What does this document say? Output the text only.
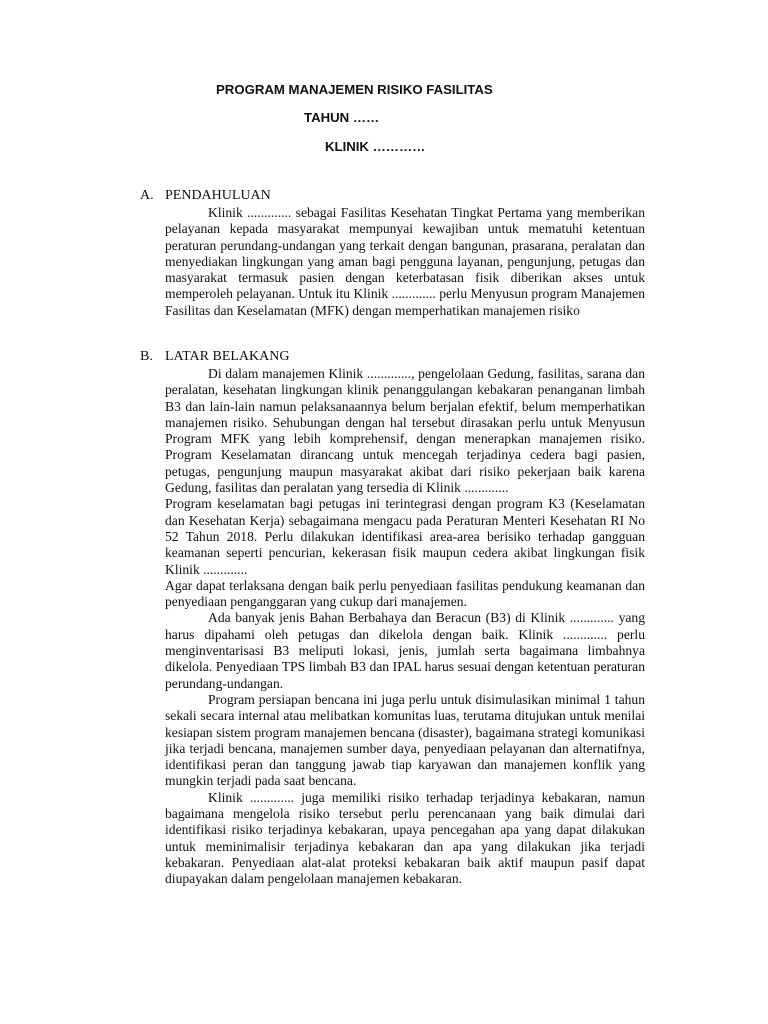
PROGRAM MANAJEMEN RISIKO FASILITAS
TAHUN ……
KLINIK …………
A. PENDAHULUAN

Klinik ............. sebagai Fasilitas Kesehatan Tingkat Pertama yang memberikan pelayanan kepada masyarakat mempunyai kewajiban untuk mematuhi ketentuan peraturan perundang-undangan yang terkait dengan bangunan, prasarana, peralatan dan menyediakan lingkungan yang aman bagi pengguna layanan, pengunjung, petugas dan masyarakat termasuk pasien dengan keterbatasan fisik diberikan akses untuk memperoleh pelayanan. Untuk itu Klinik ............. perlu Menyusun program Manajemen Fasilitas dan Keselamatan (MFK) dengan memperhatikan manajemen risiko

B. LATAR BELAKANG

Di dalam manajemen Klinik ............., pengelolaan Gedung, fasilitas, sarana dan peralatan, kesehatan lingkungan klinik penanggulangan kebakaran penanganan limbah B3 dan lain-lain namun pelaksanaannya belum berjalan efektif, belum memperhatikan manajemen risiko. Sehubungan dengan hal tersebut dirasakan perlu untuk Menyusun Program MFK yang lebih komprehensif, dengan menerapkan manajemen risiko. Program Keselamatan dirancang untuk mencegah terjadinya cedera bagi pasien, petugas, pengunjung maupun masyarakat akibat dari risiko pekerjaan baik karena Gedung, fasilitas dan peralatan yang tersedia di Klinik .............

Program keselamatan bagi petugas ini terintegrasi dengan program K3 (Keselamatan dan Kesehatan Kerja) sebagaimana mengacu pada Peraturan Menteri Kesehatan RI No 52 Tahun 2018. Perlu dilakukan identifikasi area-area berisiko terhadap gangguan keamanan seperti pencurian, kekerasan fisik maupun cedera akibat lingkungan fisik Klinik .............

Agar dapat terlaksana dengan baik perlu penyediaan fasilitas pendukung keamanan dan penyediaan penganggaran yang cukup dari manajemen.

Ada banyak jenis Bahan Berbahaya dan Beracun (B3) di Klinik ............. yang harus dipahami oleh petugas dan dikelola dengan baik. Klinik ............. perlu menginventarisasi B3 meliputi lokasi, jenis, jumlah serta bagaimana limbahnya dikelola. Penyediaan TPS limbah B3 dan IPAL harus sesuai dengan ketentuan peraturan perundang-undangan.

Program persiapan bencana ini juga perlu untuk disimulasikan minimal 1 tahun sekali secara internal atau melibatkan komunitas luas, terutama ditujukan untuk menilai kesiapan sistem program manajemen bencana (disaster), bagaimana strategi komunikasi jika terjadi bencana, manajemen sumber daya, penyediaan pelayanan dan alternatifnya, identifikasi peran dan tanggung jawab tiap karyawan dan manajemen konflik yang mungkin terjadi pada saat bencana.

Klinik ............. juga memiliki risiko terhadap terjadinya kebakaran, namun bagaimana mengelola risiko tersebut perlu perencanaan yang baik dimulai dari identifikasi risiko terjadinya kebakaran, upaya pencegahan apa yang dapat dilakukan untuk meminimalisir terjadinya kebakaran dan apa yang dilakukan jika terjadi kebakaran. Penyediaan alat-alat proteksi kebakaran baik aktif maupun pasif dapat diupayakan dalam pengelolaan manajemen kebakaran.
